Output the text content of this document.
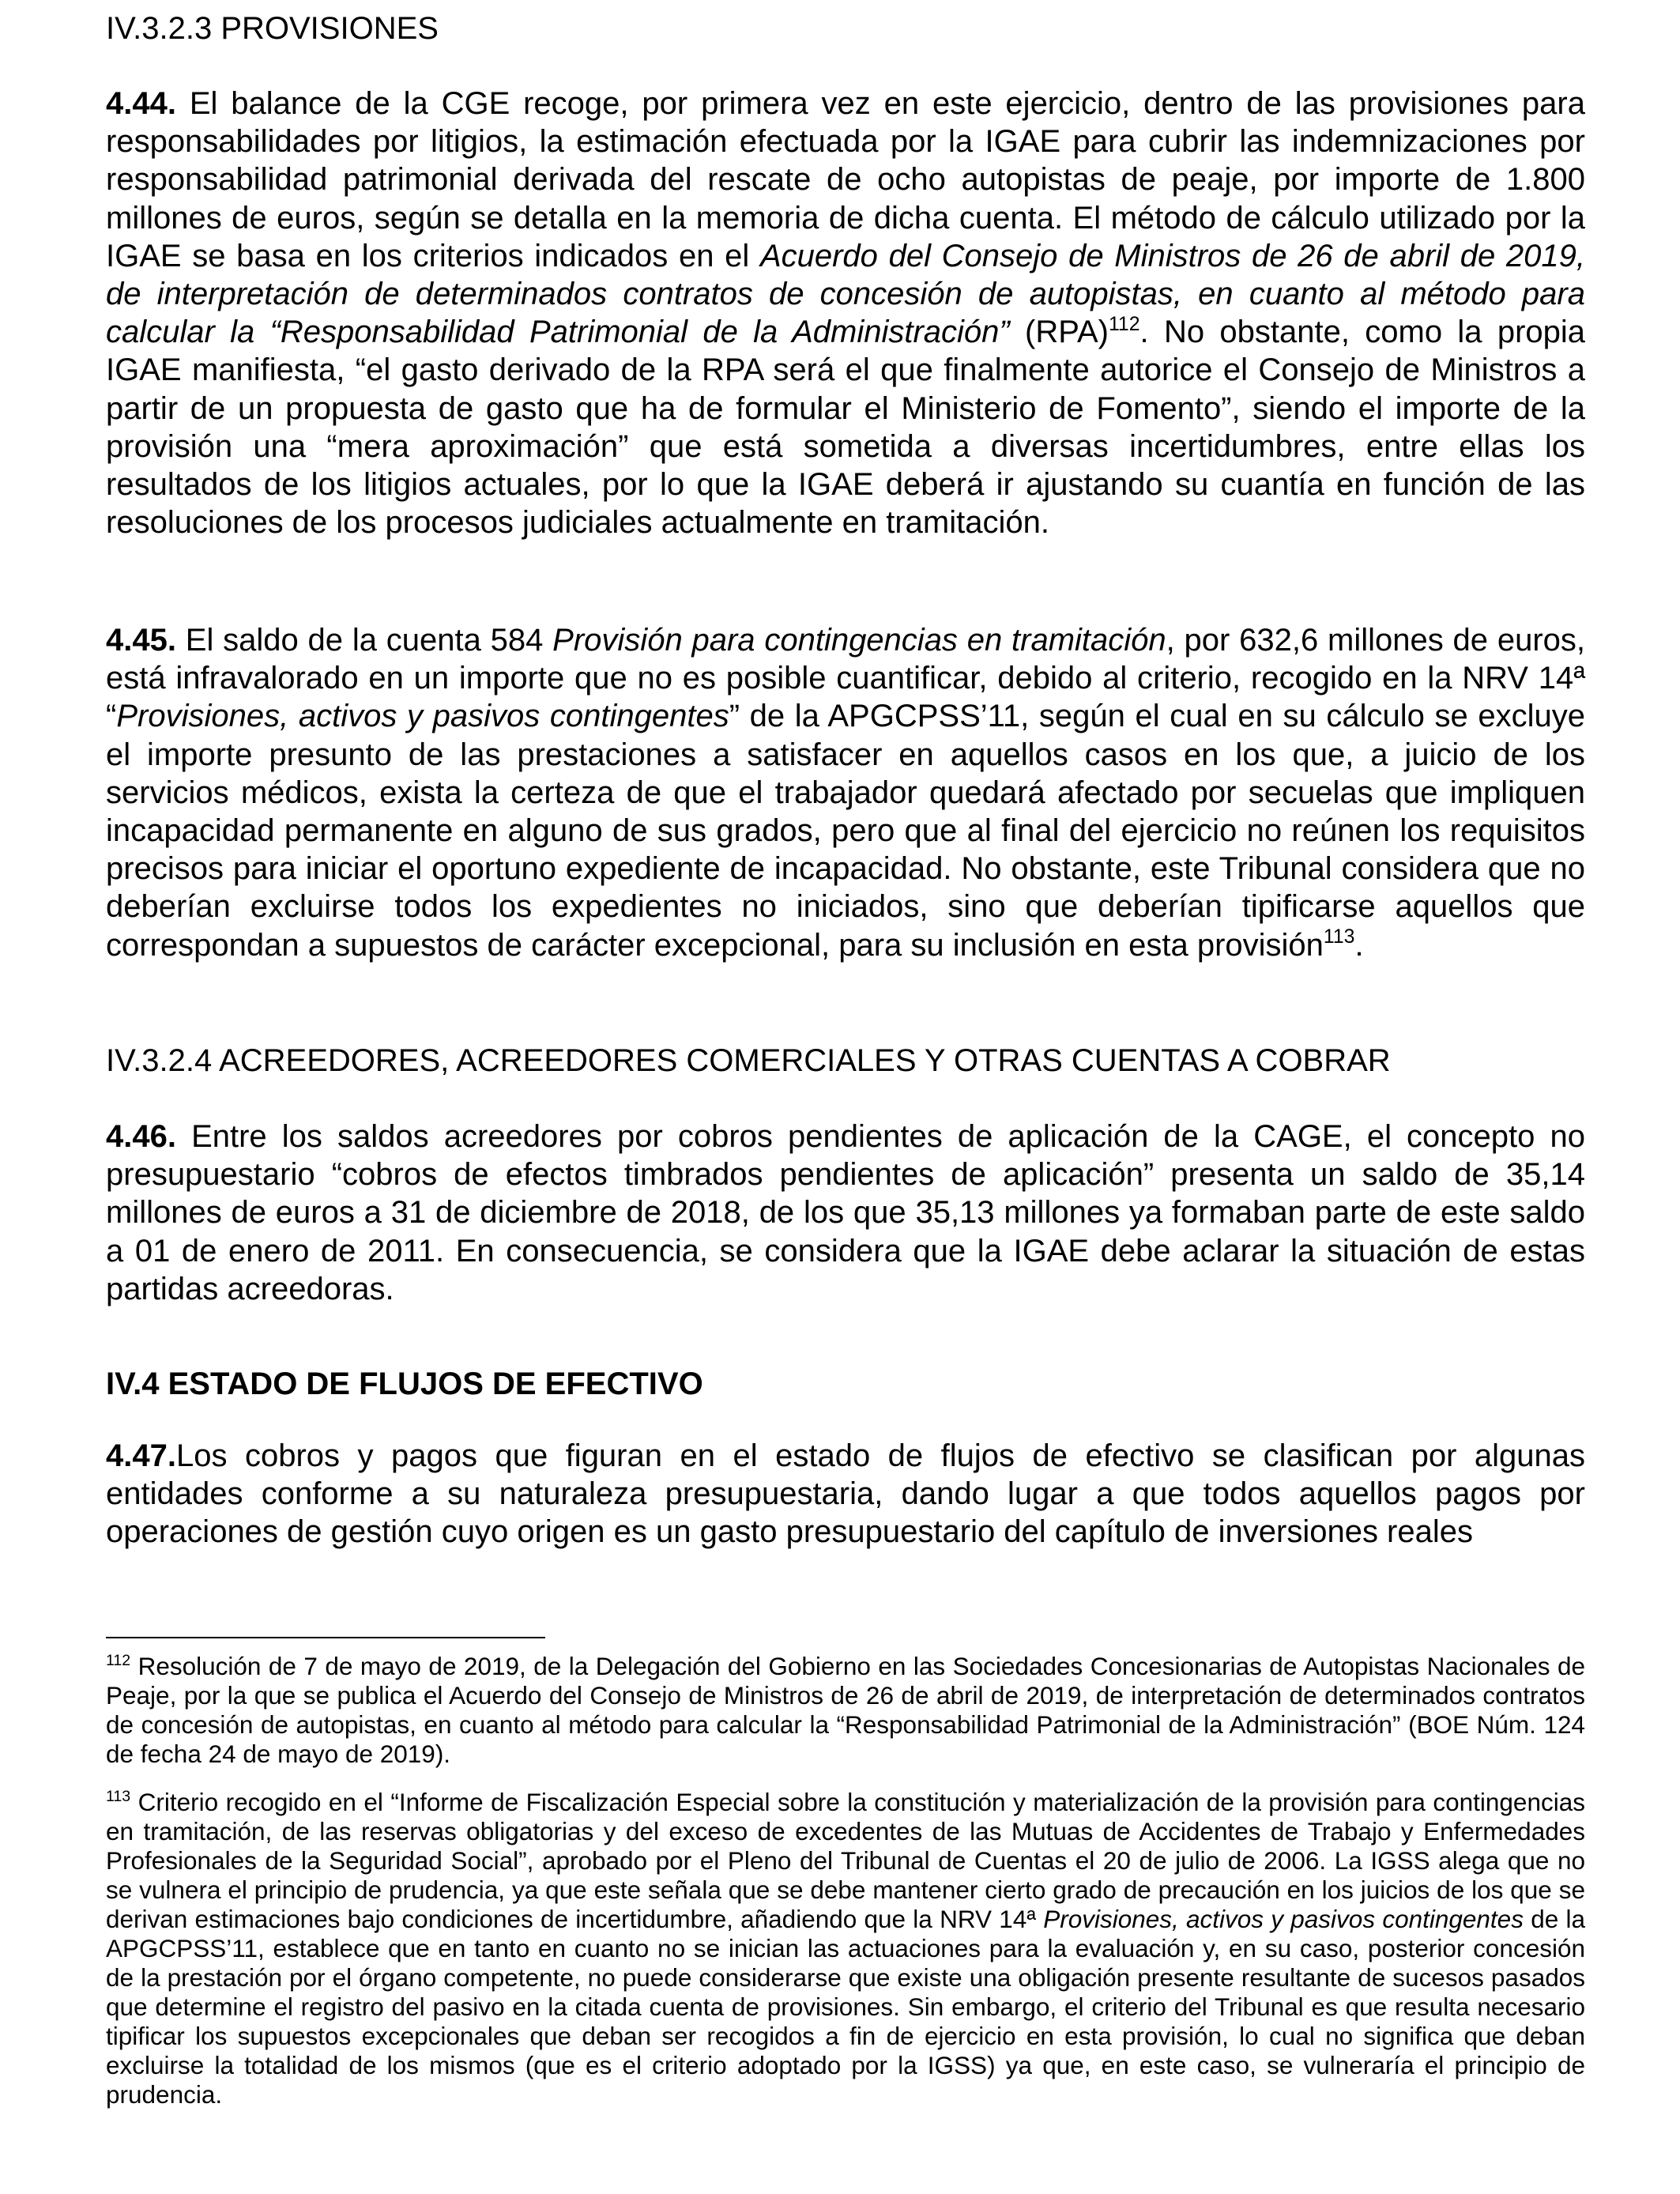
IV.3.2.3 PROVISIONES
4.44. El balance de la CGE recoge, por primera vez en este ejercicio, dentro de las provisiones para responsabilidades por litigios, la estimación efectuada por la IGAE para cubrir las indemnizaciones por responsabilidad patrimonial derivada del rescate de ocho autopistas de peaje, por importe de 1.800 millones de euros, según se detalla en la memoria de dicha cuenta. El método de cálculo utilizado por la IGAE se basa en los criterios indicados en el Acuerdo del Consejo de Ministros de 26 de abril de 2019, de interpretación de determinados contratos de concesión de autopistas, en cuanto al método para calcular la “Responsabilidad Patrimonial de la Administración” (RPA)$^{112}$. No obstante, como la propia IGAE manifiesta, “el gasto derivado de la RPA será el que finalmente autorice el Consejo de Ministros a partir de un propuesta de gasto que ha de formular el Ministerio de Fomento”, siendo el importe de la provisión una “mera aproximación” que está sometida a diversas incertidumbres, entre ellas los resultados de los litigios actuales, por lo que la IGAE deberá ir ajustando su cuantía en función de las resoluciones de los procesos judiciales actualmente en tramitación.
4.45. El saldo de la cuenta 584 Provisión para contingencias en tramitación, por 632,6 millones de euros, está infravalorado en un importe que no es posible cuantificar, debido al criterio, recogido en la NRV 14ª “Provisiones, activos y pasivos contingentes” de la APGCPSS’11, según el cual en su cálculo se excluye el importe presunto de las prestaciones a satisfacer en aquellos casos en los que, a juicio de los servicios médicos, exista la certeza de que el trabajador quedará afectado por secuelas que impliquen incapacidad permanente en alguno de sus grados, pero que al final del ejercicio no reúnen los requisitos precisos para iniciar el oportuno expediente de incapacidad. No obstante, este Tribunal considera que no deberían excluirse todos los expedientes no iniciados, sino que deberían tipificarse aquellos que correspondan a supuestos de carácter excepcional, para su inclusión en esta provisión$^{113}$.
IV.3.2.4 ACREEDORES, ACREEDORES COMERCIALES Y OTRAS CUENTAS A COBRAR
4.46. Entre los saldos acreedores por cobros pendientes de aplicación de la CAGE, el concepto no presupuestario “cobros de efectos timbrados pendientes de aplicación” presenta un saldo de 35,14 millones de euros a 31 de diciembre de 2018, de los que 35,13 millones ya formaban parte de este saldo a 01 de enero de 2011. En consecuencia, se considera que la IGAE debe aclarar la situación de estas partidas acreedoras.
IV.4 ESTADO DE FLUJOS DE EFECTIVO
4.47.Los cobros y pagos que figuran en el estado de flujos de efectivo se clasifican por algunas entidades conforme a su naturaleza presupuestaria, dando lugar a que todos aquellos pagos por operaciones de gestión cuyo origen es un gasto presupuestario del capítulo de inversiones reales
$^{112}$ Resolución de 7 de mayo de 2019, de la Delegación del Gobierno en las Sociedades Concesionarias de Autopistas Nacionales de Peaje, por la que se publica el Acuerdo del Consejo de Ministros de 26 de abril de 2019, de interpretación de determinados contratos de concesión de autopistas, en cuanto al método para calcular la “Responsabilidad Patrimonial de la Administración” (BOE Núm. 124 de fecha 24 de mayo de 2019).
$^{113}$ Criterio recogido en el “Informe de Fiscalización Especial sobre la constitución y materialización de la provisión para contingencias en tramitación, de las reservas obligatorias y del exceso de excedentes de las Mutuas de Accidentes de Trabajo y Enfermedades Profesionales de la Seguridad Social”, aprobado por el Pleno del Tribunal de Cuentas el 20 de julio de 2006. La IGSS alega que no se vulnera el principio de prudencia, ya que este señala que se debe mantener cierto grado de precaución en los juicios de los que se derivan estimaciones bajo condiciones de incertidumbre, añadiendo que la NRV 14ª Provisiones, activos y pasivos contingentes de la APGCPSS’11, establece que en tanto en cuanto no se inician las actuaciones para la evaluación y, en su caso, posterior concesión de la prestación por el órgano competente, no puede considerarse que existe una obligación presente resultante de sucesos pasados que determine el registro del pasivo en la citada cuenta de provisiones. Sin embargo, el criterio del Tribunal es que resulta necesario tipificar los supuestos excepcionales que deban ser recogidos a fin de ejercicio en esta provisión, lo cual no significa que deban excluirse la totalidad de los mismos (que es el criterio adoptado por la IGSS) ya que, en este caso, se vulneraría el principio de prudencia.
